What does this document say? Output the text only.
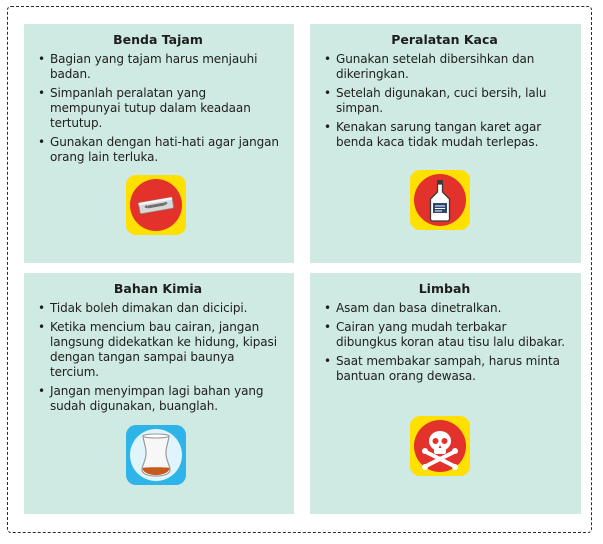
Benda Tajam
• Bagian yang tajam harus menjauhi badan.
• Simpanlah peralatan yang mempunyai tutup dalam keadaan tertutup.
• Gunakan dengan hati-hati agar jangan orang lain terluka.
Peralatan Kaca
• Gunakan setelah dibersihkan dan dikeringkan.
• Setelah digunakan, cuci bersih, lalu simpan.
• Kenakan sarung tangan karet agar benda kaca tidak mudah terlepas.
Bahan Kimia
• Tidak boleh dimakan dan dicicipi.
• Ketika mencium bau cairan, jangan langsung didekatkan ke hidung, kipasi dengan tangan sampai baunya tercium.
• Jangan menyimpan lagi bahan yang sudah digunakan, buanglah.
Limbah
• Asam dan basa dinetralkan.
• Cairan yang mudah terbakar dibungkus koran atau tisu lalu dibakar.
• Saat membakar sampah, harus minta bantuan orang dewasa.
